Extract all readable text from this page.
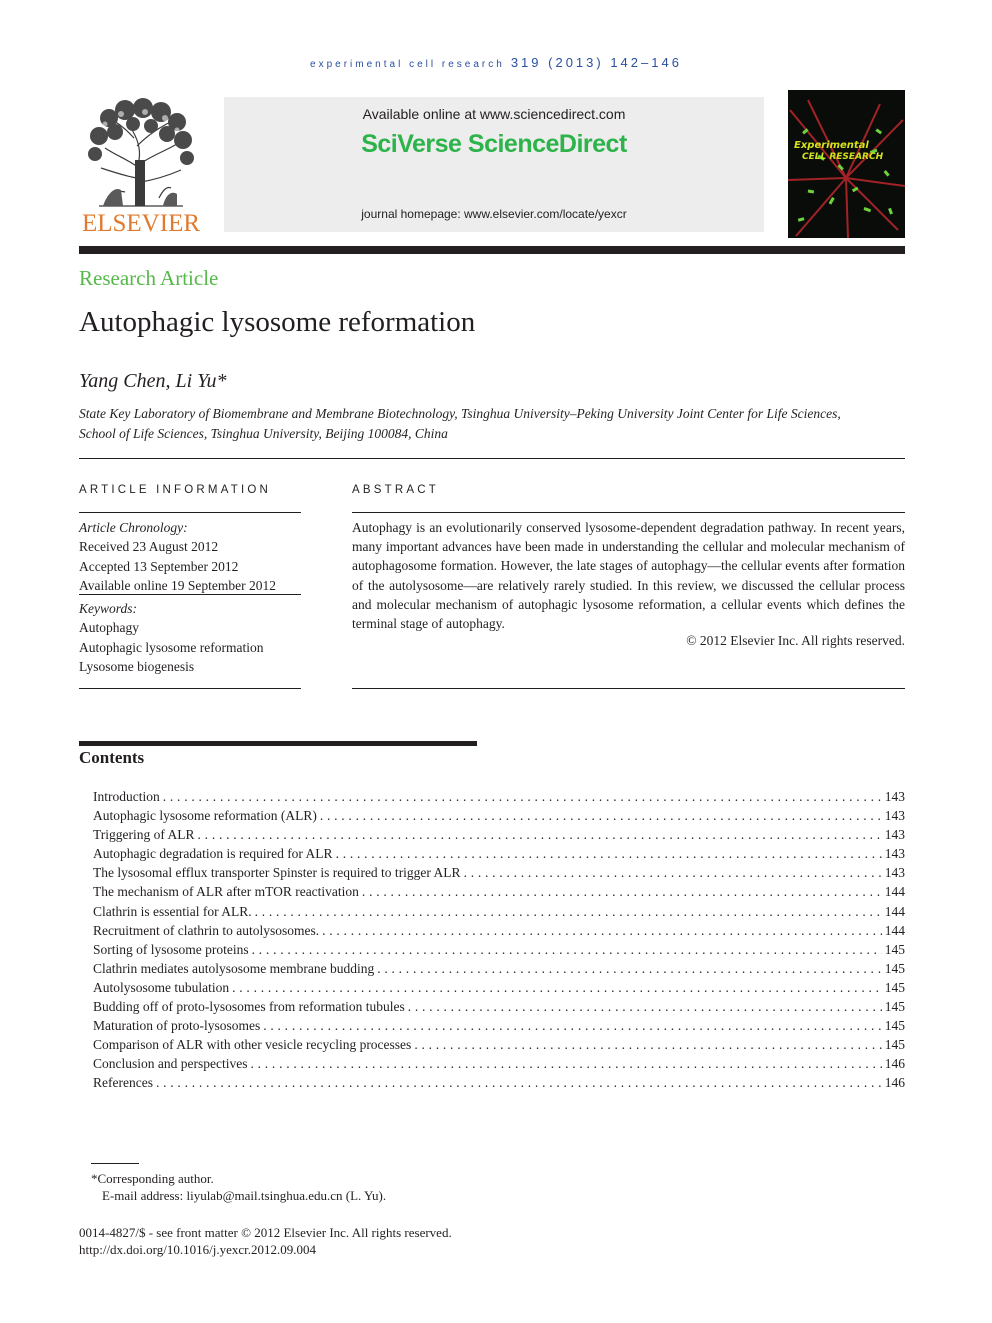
experimental cell research 319 (2013) 142–146
ELSEVIER
Available online at www.sciencedirect.com
SciVerse ScienceDirect
journal homepage: www.elsevier.com/locate/yexcr
Experimental
CELL RESEARCH
Research Article
Autophagic lysosome reformation
Yang Chen, Li Yu*
State Key Laboratory of Biomembrane and Membrane Biotechnology, Tsinghua University–Peking University Joint Center for Life Sciences,
School of Life Sciences, Tsinghua University, Beijing 100084, China
ARTICLE INFORMATION
Article Chronology:
Received 23 August 2012
Accepted 13 September 2012
Available online 19 September 2012
Keywords:
Autophagy
Autophagic lysosome reformation
Lysosome biogenesis
ABSTRACT
Autophagy is an evolutionarily conserved lysosome-dependent degradation pathway. In recent years, many important advances have been made in understanding the cellular and molecular mechanism of autophagosome formation. However, the late stages of autophagy—the cellular events after formation of the autolysosome—are relatively rarely studied. In this review, we discussed the cellular process and molecular mechanism of autophagic lysosome reformation, a cellular events which defines the terminal stage of autophagy.
© 2012 Elsevier Inc. All rights reserved.
Contents
Introduction . . .	143
Autophagic lysosome reformation (ALR) . . .	143
Triggering of ALR . . .	143
Autophagic degradation is required for ALR . . .	143
The lysosomal efflux transporter Spinster is required to trigger ALR . . .	143
The mechanism of ALR after mTOR reactivation . . .	144
Clathrin is essential for ALR. . . .	144
Recruitment of clathrin to autolysosomes. . . .	144
Sorting of lysosome proteins . . .	145
Clathrin mediates autolysosome membrane budding . . .	145
Autolysosome tubulation . . .	145
Budding off of proto-lysosomes from reformation tubules . . .	145
Maturation of proto-lysosomes . . .	145
Comparison of ALR with other vesicle recycling processes . . .	145
Conclusion and perspectives . . .	146
References . . .	146
*Corresponding author.
E-mail address: liyulab@mail.tsinghua.edu.cn (L. Yu).
0014-4827/$ - see front matter © 2012 Elsevier Inc. All rights reserved.
http://dx.doi.org/10.1016/j.yexcr.2012.09.004
